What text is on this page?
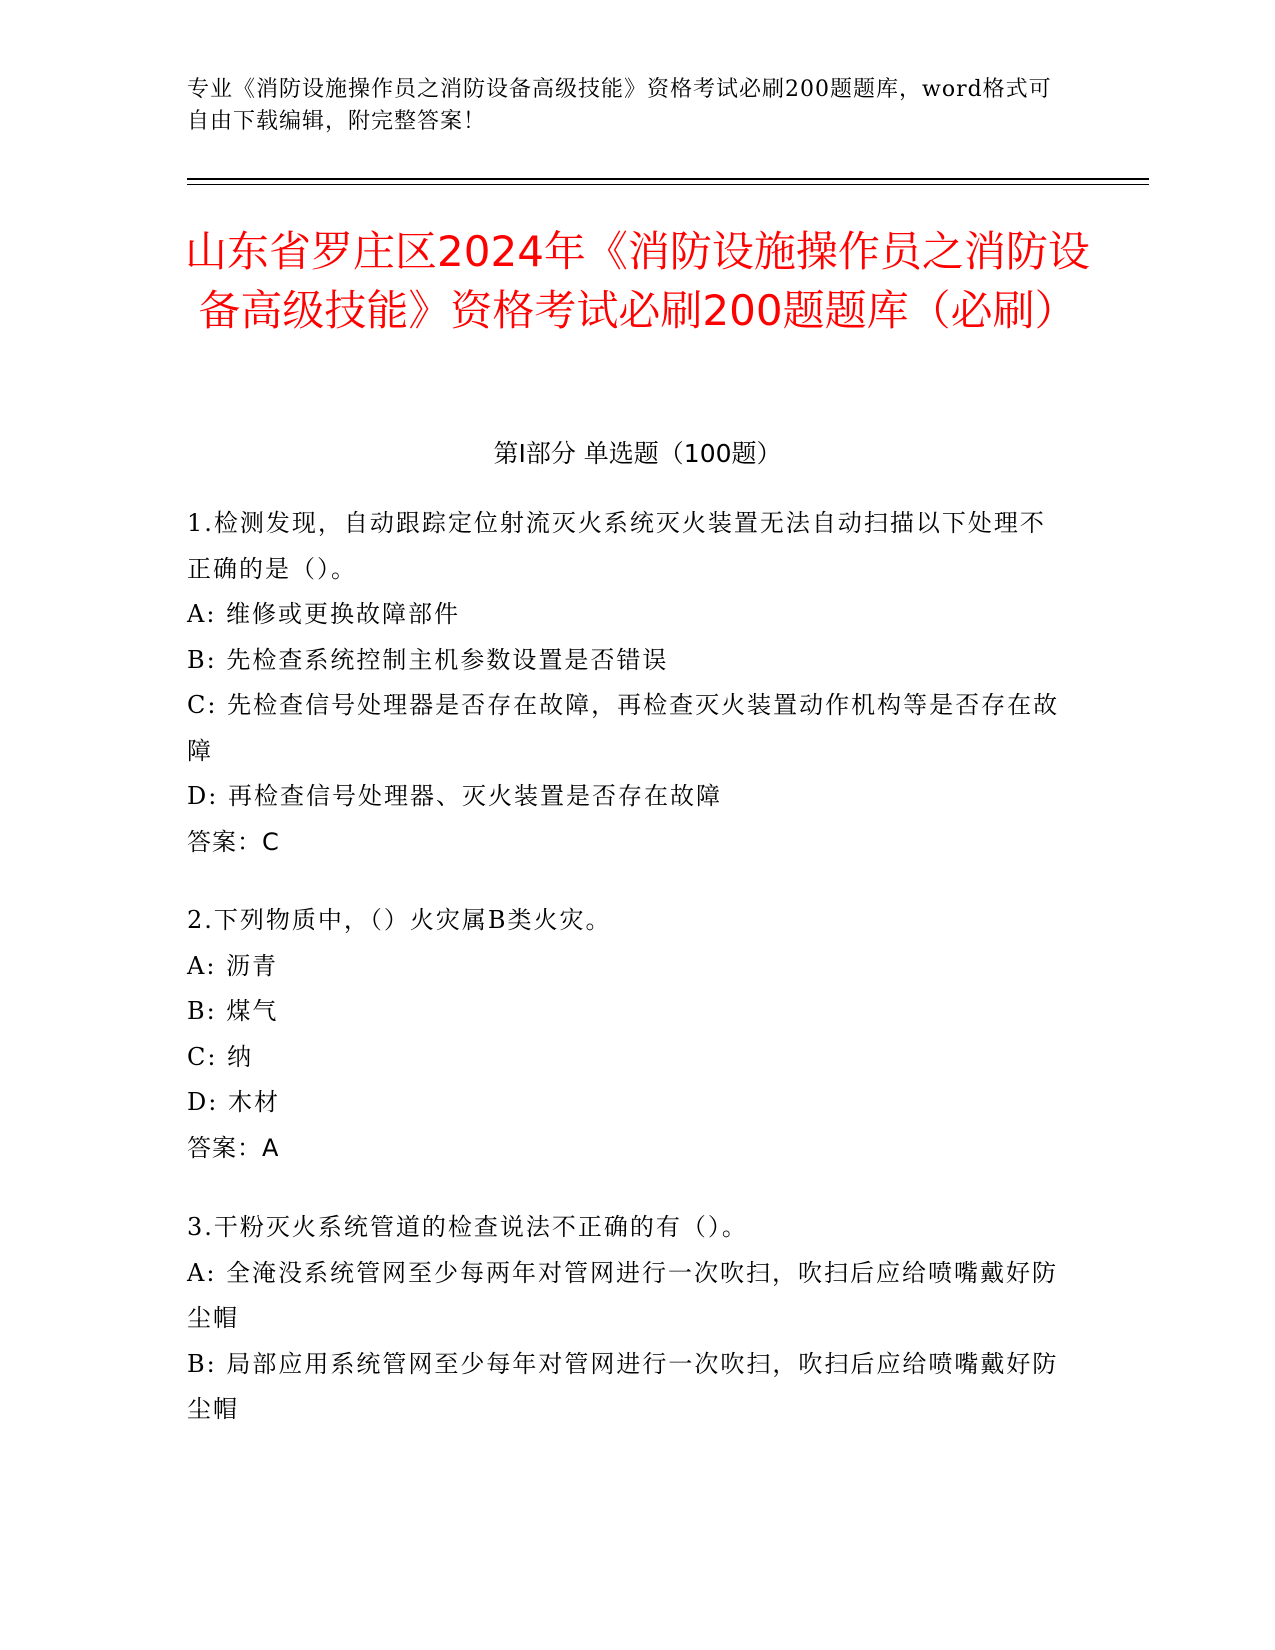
专业《消防设施操作员之消防设备高级技能》资格考试必刷200题题库，word格式可自由下载编辑，附完整答案！
山东省罗庄区2024年《消防设施操作员之消防设备高级技能》资格考试必刷200题题库（必刷）
第I部分 单选题（100题）
1.检测发现，自动跟踪定位射流灭火系统灭火装置无法自动扫描以下处理不正确的是（）。
A: 维修或更换故障部件
B: 先检查系统控制主机参数设置是否错误
C: 先检查信号处理器是否存在故障，再检查灭火装置动作机构等是否存在故障
D: 再检查信号处理器、灭火装置是否存在故障
答案：C
2.下列物质中，（）火灾属B类火灾。
A: 沥青
B: 煤气
C: 纳
D: 木材
答案：A
3.干粉灭火系统管道的检查说法不正确的有（）。
A: 全淹没系统管网至少每两年对管网进行一次吹扫，吹扫后应给喷嘴戴好防尘帽
B: 局部应用系统管网至少每年对管网进行一次吹扫，吹扫后应给喷嘴戴好防尘帽
